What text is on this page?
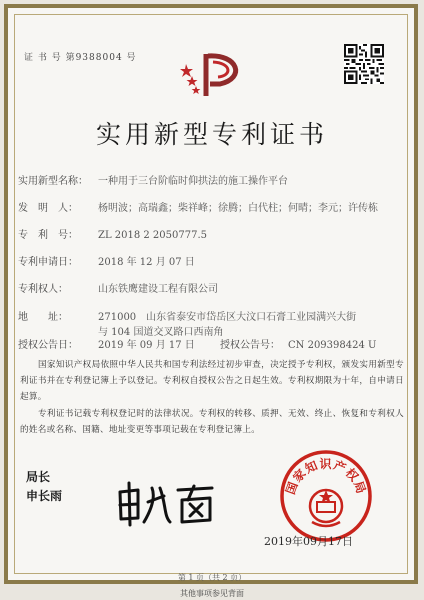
证 书 号 第9388004 号
实用新型专利证书
实用新型名称： 一种用于三台阶临时仰拱法的施工操作平台
发　明　人： 杨明波；高瑞鑫；柴祥峰；徐腾；白代柱；何晴；李元；许传栋
专　利　号： ZL 2018 2 2050777.5
专利申请日： 2018 年 12 月 07 日
专利权人：	山东铁鹰建设工程有限公司
地　　址：	271000　山东省泰安市岱岳区大汶口石膏工业园满兴大街
与 104 国道交叉路口西南角
授权公告日： 2019 年 09 月 17 日	授权公告号： CN 209398424 U
国家知识产权局依照中华人民共和国专利法经过初步审查，决定授予专利权，颁发实用新型专利证书并在专利登记簿上予以登记。专利权自授权公告之日起生效。专利权期限为十年，自申请日起算。
专利证书记载专利权登记时的法律状况。专利权的转移、质押、无效、终止、恢复和专利权人的姓名或名称、国籍、地址变更等事项记载在专利登记簿上。
局长
申长雨	国家知识产权局
2019年09月17日
第 1 页（共 2 页）
其他事项参见背面
